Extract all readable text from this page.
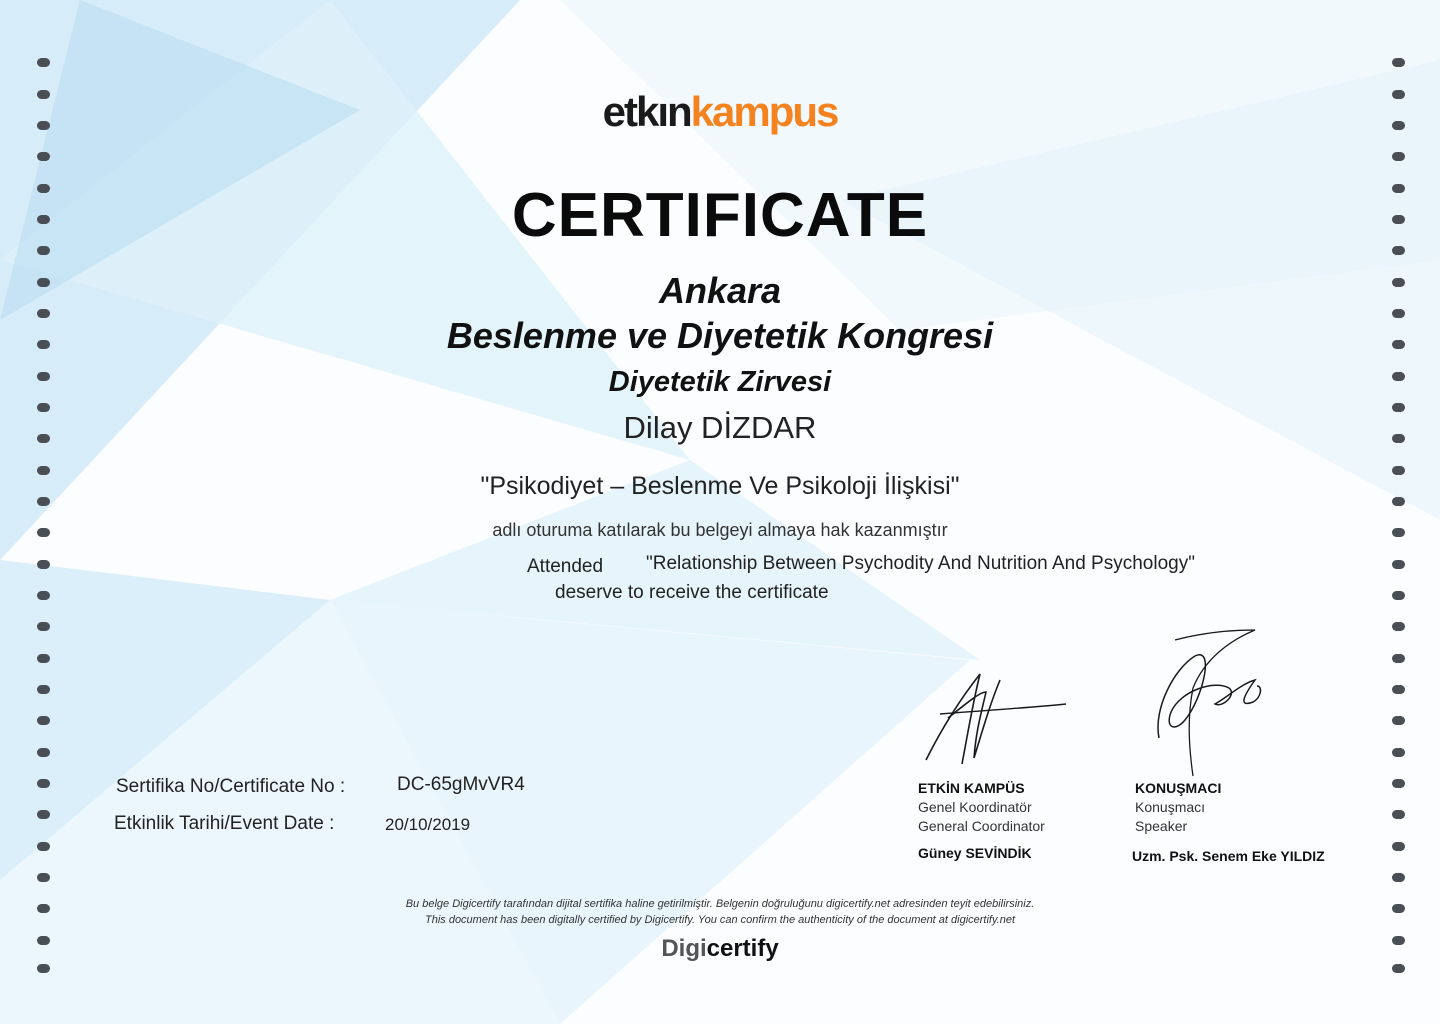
etkınkampus
CERTIFICATE
Ankara
Beslenme ve Diyetetik Kongresi
Diyetetik Zirvesi
Dilay DİZDAR
"Psikodiyet – Beslenme Ve Psikoloji İlişkisi"
adlı oturuma katılarak bu belgeyi almaya hak kazanmıştır
Attended "Relationship Between Psychodity And Nutrition And Psychology"
deserve to receive the certificate
Sertifika No/Certificate No :	DC-65gMvVR4
Etkinlik Tarihi/Event Date :	20/10/2019
ETKİN KAMPÜS
Genel Koordinatör
General Coordinator
Güney SEVİNDİK
KONUŞMACI
Konuşmacı
Speaker
Uzm. Psk. Senem Eke YILDIZ
Bu belge Digicertify tarafından dijital sertifika haline getirilmiştir. Belgenin doğruluğunu digicertify.net adresinden teyit edebilirsiniz.
This document has been digitally certified by Digicertify. You can confirm the authenticity of the document at digicertify.net
Digicertify
